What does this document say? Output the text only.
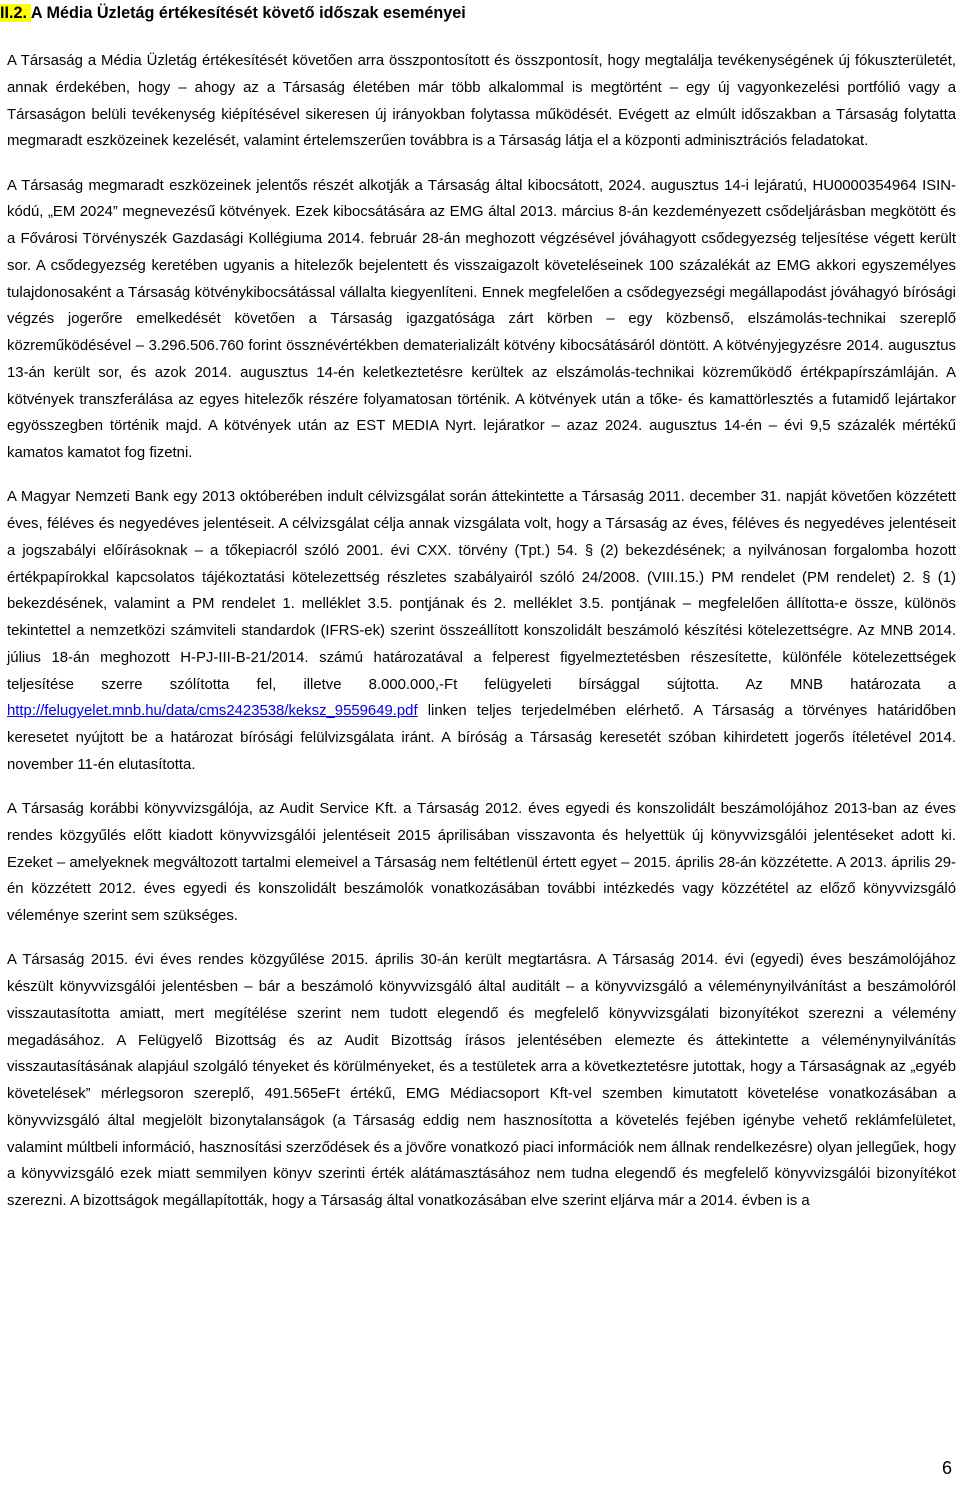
II.2. A Média Üzletág értékesítését követő időszak eseményei

A Társaság a Média Üzletág értékesítését követően arra összpontosított és összpontosít, hogy megtalálja tevékenységének új fókuszterületét, annak érdekében, hogy – ahogy az a Társaság életében már több alkalommal is megtörtént – egy új vagyonkezelési portfólió vagy a Társaságon belüli tevékenység kiépítésével sikeresen új irányokban folytassa működését. Evégett az elmúlt időszakban a Társaság folytatta megmaradt eszközeinek kezelését, valamint értelemszerűen továbbra is a Társaság látja el a központi adminisztrációs feladatokat.

A Társaság megmaradt eszközeinek jelentős részét alkotják a Társaság által kibocsátott, 2024. augusztus 14-i lejáratú, HU0000354964 ISIN-kódú, „EM 2024” megnevezésű kötvények. Ezek kibocsátására az EMG által 2013. március 8-án kezdeményezett csődeljárásban megkötött és a Fővárosi Törvényszék Gazdasági Kollégiuma 2014. február 28-án meghozott végzésével jóváhagyott csődegyezség teljesítése végett került sor. A csődegyezség keretében ugyanis a hitelezők bejelentett és visszaigazolt követeléseinek 100 százalékát az EMG akkori egyszemélyes tulajdonosaként a Társaság kötvénykibocsátással vállalta kiegyenlíteni. Ennek megfelelően a csődegyezségi megállapodást jóváhagyó bírósági végzés jogerőre emelkedését követően a Társaság igazgatósága zárt körben – egy közbenső, elszámolás-technikai szereplő közreműködésével – 3.296.506.760 forint össznévértékben dematerializált kötvény kibocsátásáról döntött. A kötvényjegyzésre 2014. augusztus 13-án került sor, és azok 2014. augusztus 14-én keletkeztetésre kerültek az elszámolás-technikai közreműködő értékpapírszámláján. A kötvények transzferálása az egyes hitelezők részére folyamatosan történik. A kötvények után a tőke- és kamattörlesztés a futamidő lejártakor egyösszegben történik majd. A kötvények után az EST MEDIA Nyrt. lejáratkor – azaz 2024. augusztus 14-én – évi 9,5 százalék mértékű kamatos kamatot fog fizetni.

A Magyar Nemzeti Bank egy 2013 októberében indult célvizsgálat során áttekintette a Társaság 2011. december 31. napját követően közzétett éves, féléves és negyedéves jelentéseit. A célvizsgálat célja annak vizsgálata volt, hogy a Társaság az éves, féléves és negyedéves jelentéseit a jogszabályi előírásoknak – a tőkepiacról szóló 2001. évi CXX. törvény (Tpt.) 54. § (2) bekezdésének; a nyilvánosan forgalomba hozott értékpapírokkal kapcsolatos tájékoztatási kötelezettség részletes szabályairól szóló 24/2008. (VIII.15.) PM rendelet (PM rendelet) 2. § (1) bekezdésének, valamint a PM rendelet 1. melléklet 3.5. pontjának és 2. melléklet 3.5. pontjának – megfelelően állította-e össze, különös tekintettel a nemzetközi számviteli standardok (IFRS-ek) szerint összeállított konszolidált beszámoló készítési kötelezettségre. Az MNB 2014. július 18-án meghozott H-PJ-III-B-21/2014. számú határozatával a felperest figyelmeztetésben részesítette, különféle kötelezettségek teljesítése szerre szólította fel, illetve 8.000.000,-Ft felügyeleti bírsággal sújtotta. Az MNB határozata a http://felugyelet.mnb.hu/data/cms2423538/keksz_9559649.pdf linken teljes terjedelmében elérhető. A Társaság a törvényes határidőben keresetet nyújtott be a határozat bírósági felülvizsgálata iránt. A bíróság a Társaság keresetét szóban kihirdetett jogerős ítéletével 2014. november 11-én elutasította.

A Társaság korábbi könyvvizsgálója, az Audit Service Kft. a Társaság 2012. éves egyedi és konszolidált beszámolójához 2013-ban az éves rendes közgyűlés előtt kiadott könyvvizsgálói jelentéseit 2015 áprilisában visszavonta és helyettük új könyvvizsgálói jelentéseket adott ki. Ezeket – amelyeknek megváltozott tartalmi elemeivel a Társaság nem feltétlenül értett egyet – 2015. április 28-án közzétette. A 2013. április 29-én közzétett 2012. éves egyedi és konszolidált beszámolók vonatkozásában további intézkedés vagy közzététel az előző könyvvizsgáló véleménye szerint sem szükséges.

A Társaság 2015. évi éves rendes közgyűlése 2015. április 30-án került megtartásra. A Társaság 2014. évi (egyedi) éves beszámolójához készült könyvvizsgálói jelentésben – bár a beszámoló könyvvizsgáló által auditált – a könyvvizsgáló a véleménynyilvánítást a beszámolóról visszautasította amiatt, mert megítélése szerint nem tudott elegendő és megfelelő könyvvizsgálati bizonyítékot szerezni a vélemény megadásához. A Felügyelő Bizottság és az Audit Bizottság írásos jelentésében elemezte és áttekintette a véleménynyilvánítás visszautasításának alapjául szolgáló tényeket és körülményeket, és a testületek arra a következtetésre jutottak, hogy a Társaságnak az „egyéb követelések” mérlegsoron szereplő, 491.565eFt értékű, EMG Médiacsoport Kft-vel szemben kimutatott követelése vonatkozásában a könyvvizsgáló által megjelölt bizonytalanságok (a Társaság eddig nem hasznosította a követelés fejében igénybe vehető reklámfelületet, valamint múltbeli információ, hasznosítási szerződések és a jövőre vonatkozó piaci információk nem állnak rendelkezésre) olyan jellegűek, hogy a könyvvizsgáló ezek miatt semmilyen könyv szerinti érték alátámasztásához nem tudna elegendő és megfelelő könyvvizsgálói bizonyítékot szerezni. A bizottságok megállapították, hogy a Társaság által vonatkozásában elve szerint eljárva már a 2014. évben is a

6
